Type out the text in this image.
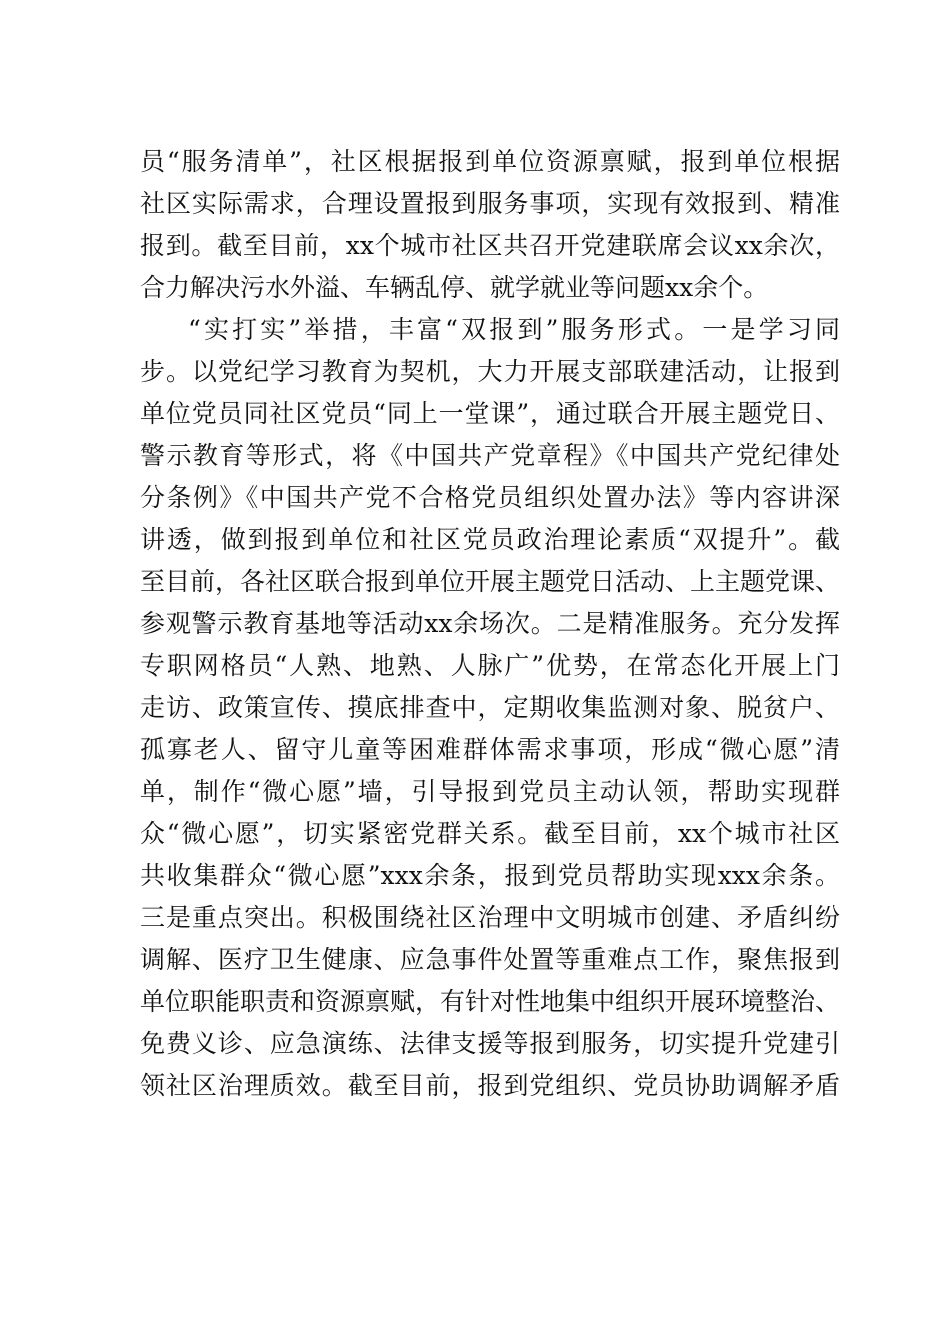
员“服务清单”，社区根据报到单位资源禀赋，报到单位根据
社区实际需求，合理设置报到服务事项，实现有效报到、精准
报到。截至目前，xx个城市社区共召开党建联席会议xx余次，
合力解决污水外溢、车辆乱停、就学就业等问题xx余个。
“实打实”举措，丰富“双报到”服务形式。一是学习同
步。以党纪学习教育为契机，大力开展支部联建活动，让报到
单位党员同社区党员“同上一堂课”，通过联合开展主题党日、
警示教育等形式，将《中国共产党章程》《中国共产党纪律处
分条例》《中国共产党不合格党员组织处置办法》等内容讲深
讲透，做到报到单位和社区党员政治理论素质“双提升”。截
至目前，各社区联合报到单位开展主题党日活动、上主题党课、
参观警示教育基地等活动xx余场次。二是精准服务。充分发挥
专职网格员“人熟、地熟、人脉广”优势，在常态化开展上门
走访、政策宣传、摸底排查中，定期收集监测对象、脱贫户、
孤寡老人、留守儿童等困难群体需求事项，形成“微心愿”清
单，制作“微心愿”墙，引导报到党员主动认领，帮助实现群
众“微心愿”，切实紧密党群关系。截至目前，xx个城市社区
共收集群众“微心愿”xxx余条，报到党员帮助实现xxx余条。
三是重点突出。积极围绕社区治理中文明城市创建、矛盾纠纷
调解、医疗卫生健康、应急事件处置等重难点工作，聚焦报到
单位职能职责和资源禀赋，有针对性地集中组织开展环境整治、
免费义诊、应急演练、法律支援等报到服务，切实提升党建引
领社区治理质效。截至目前，报到党组织、党员协助调解矛盾
